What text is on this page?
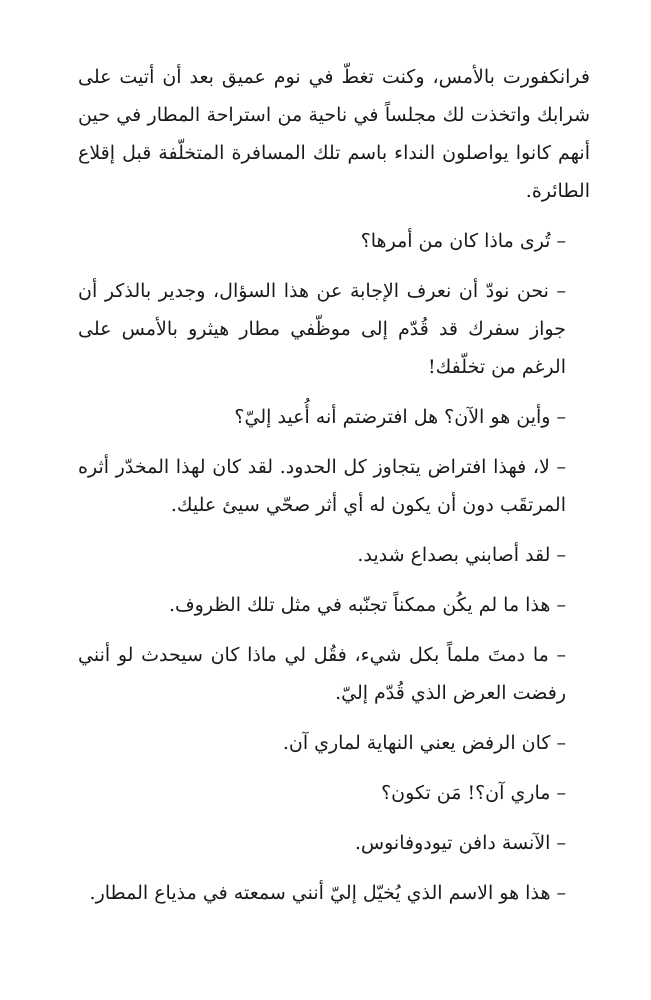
فرانكفورت بالأمس، وكنت تغطّ في نوم عميق بعد أن أتيت على شرابك واتخذت لك مجلساً في ناحية من استراحة المطار في حين أنهم كانوا يواصلون النداء باسم تلك المسافرة المتخلّفة قبل إقلاع الطائرة.

– تُرى ماذا كان من أمرها؟

– نحن نودّ أن نعرف الإجابة عن هذا السؤال، وجدير بالذكر أن جواز سفرك قد قُدّم إلى موظّفي مطار هيثرو بالأمس على الرغم من تخلّفك!

– وأين هو الآن؟ هل افترضتم أنه أُعيد إليّ؟

– لا، فهذا افتراض يتجاوز كل الحدود. لقد كان لهذا المخدّر أثره المرتقَب دون أن يكون له أي أثر صحّي سيئ عليك.

– لقد أصابني بصداع شديد.

– هذا ما لم يكُن ممكناً تجنّبه في مثل تلك الظروف.

– ما دمتَ ملماً بكل شيء، فقُل لي ماذا كان سيحدث لو أنني رفضت العرض الذي قُدّم إليّ.

– كان الرفض يعني النهاية لماري آن.

– ماري آن؟! مَن تكون؟

– الآنسة دافن تيودوفانوس.

– هذا هو الاسم الذي يُخيّل إليّ أنني سمعته في مذياع المطار.
